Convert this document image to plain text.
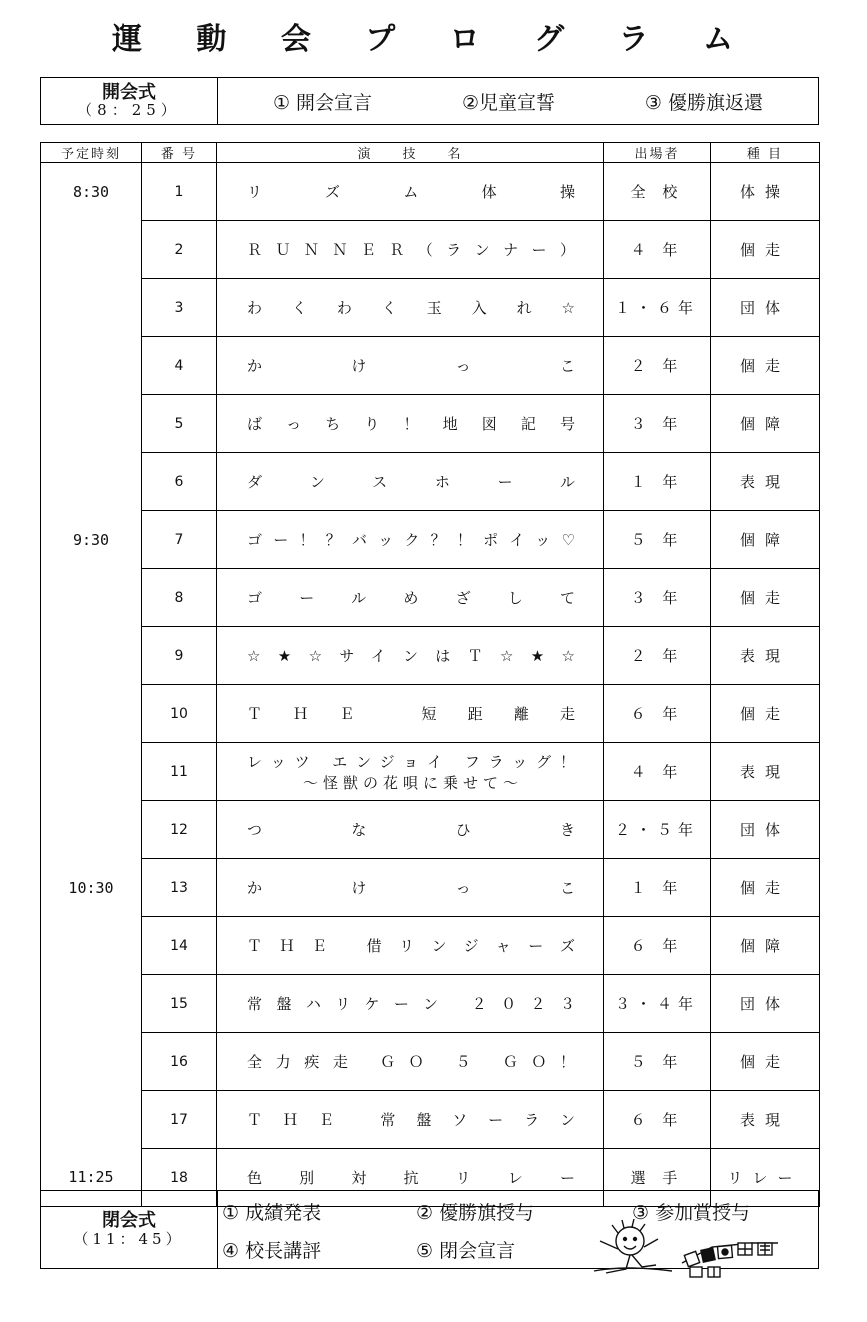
運 動 会 プ ロ グ ラ ム
開会式
（8：25）	① 開会宣言	②児童宣誓	③ 優勝旗返還
予定時刻	番 号	演　　技　　名	出場者	種 目
8:30	1	リズム体操	全 校	体操
	2	ＲＵＮＮＥＲ（ランナー）	４ 年	個走
	3	わくわく玉入れ☆	１・６年	団体
	4	かけっこ	２ 年	個走
	5	ばっちり！地図記号	３ 年	個障
	6	ダンスホール	１ 年	表現
9:30	7	ゴー！？バック？！ポイッ♡	５ 年	個障
	8	ゴールめざして	３ 年	個走
	9	☆★☆サインはＴ☆★☆	２ 年	表現
	10	ＴＨＥ 短距離走	６ 年	個走
	11	レッツ エンジョイ フラッグ！
～怪獣の花唄に乗せて～	４ 年	表現
	12	つなひき	２・５年	団体
10:30	13	かけっこ	１ 年	個走
	14	ＴＨＥ 借リンジャーズ	６ 年	個障
	15	常盤ハリケーン ２０２３	３・４年	団体
	16	全力疾走 ＧＯ ５ ＧＯ！	５ 年	個走
	17	ＴＨＥ 常盤ソーラン	６ 年	表現
11:25	18	色別対抗リレー	選 手	リレー
閉会式
（11：45）
① 成績発表	② 優勝旗授与	③ 参加賞授与
④ 校長講評	⑤ 閉会宣言
